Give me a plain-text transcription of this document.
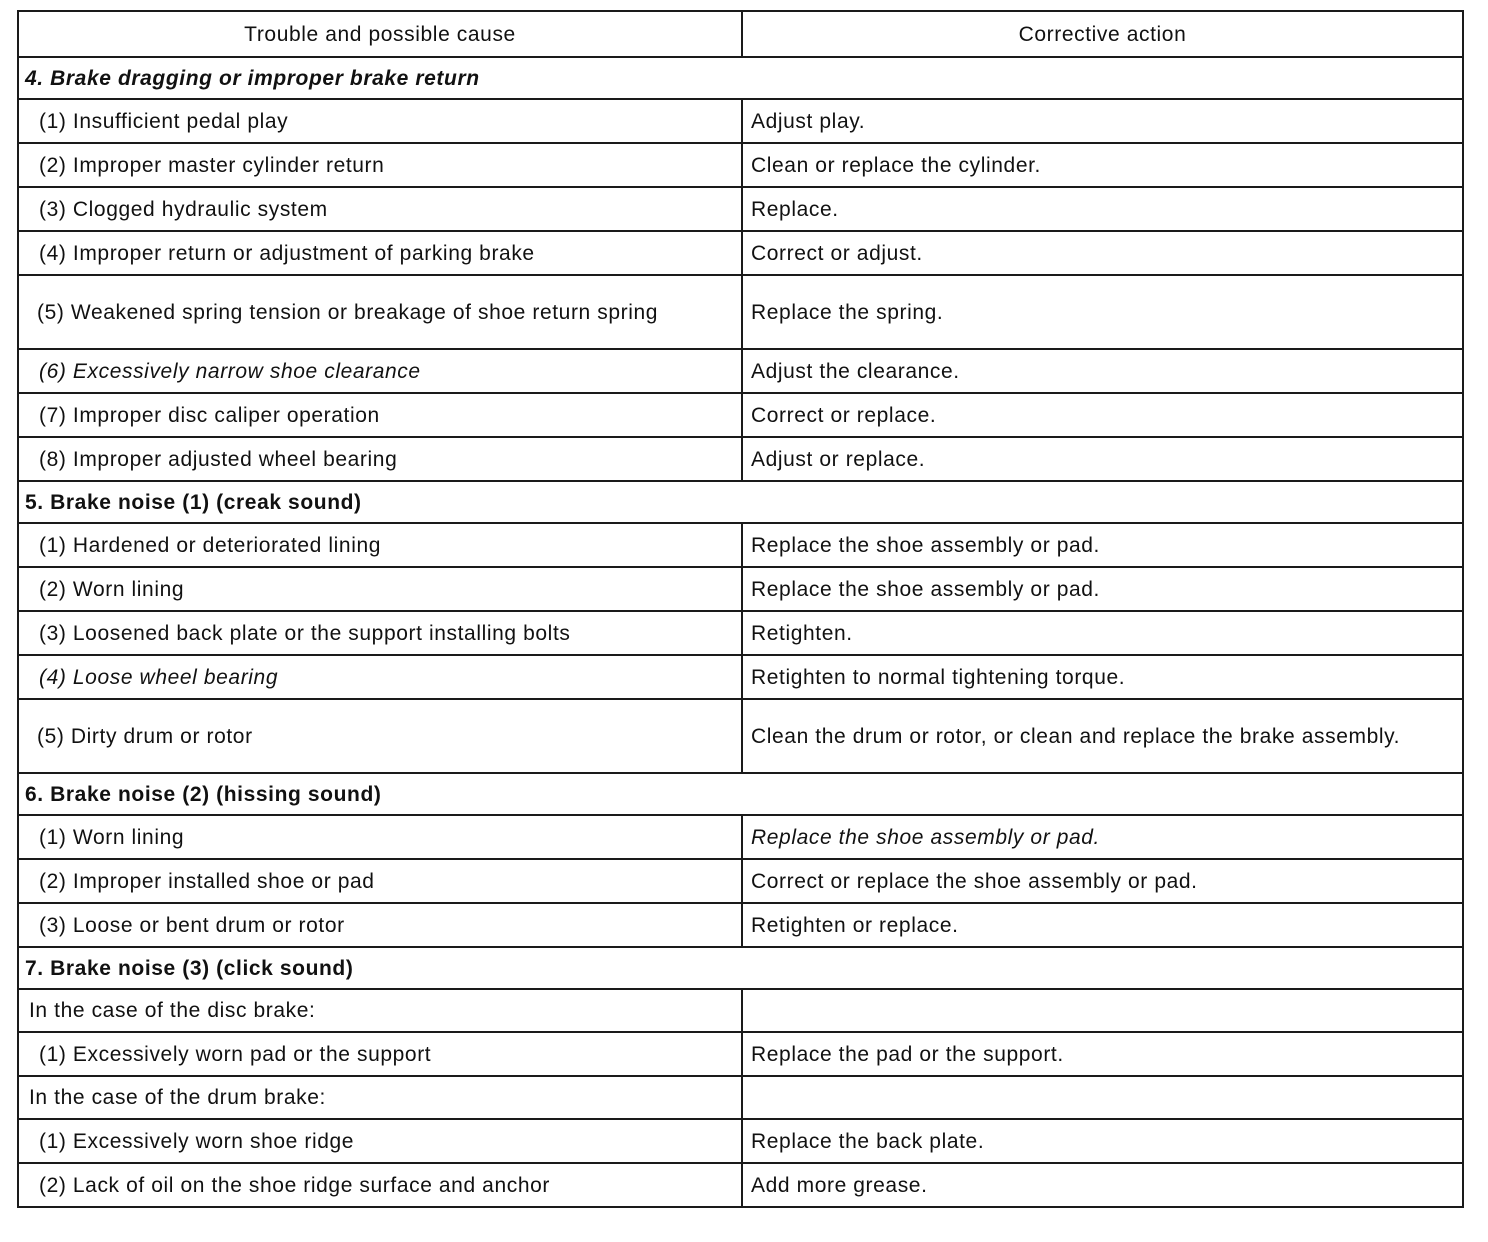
Trouble and possible cause	Corrective action
4. Brake dragging or improper brake return	
(1) Insufficient pedal play	Adjust play.
(2) Improper master cylinder return	Clean or replace the cylinder.
(3) Clogged hydraulic system	Replace.
(4) Improper return or adjustment of parking brake	Correct or adjust.
(5) Weakened spring tension or breakage of shoe return spring	Replace the spring.
(6) Excessively narrow shoe clearance	Adjust the clearance.
(7) Improper disc caliper operation	Correct or replace.
(8) Improper adjusted wheel bearing	Adjust or replace.
5. Brake noise (1) (creak sound)	
(1) Hardened or deteriorated lining	Replace the shoe assembly or pad.
(2) Worn lining	Replace the shoe assembly or pad.
(3) Loosened back plate or the support installing bolts	Retighten.
(4) Loose wheel bearing	Retighten to normal tightening torque.
(5) Dirty drum or rotor	Clean the drum or rotor, or clean and replace the brake assembly.
6. Brake noise (2) (hissing sound)	
(1) Worn lining	Replace the shoe assembly or pad.
(2) Improper installed shoe or pad	Correct or replace the shoe assembly or pad.
(3) Loose or bent drum or rotor	Retighten or replace.
7. Brake noise (3) (click sound)	
In the case of the disc brake:	
(1) Excessively worn pad or the support	Replace the pad or the support.
In the case of the drum brake:	
(1) Excessively worn shoe ridge	Replace the back plate.
(2) Lack of oil on the shoe ridge surface and anchor	Add more grease.
